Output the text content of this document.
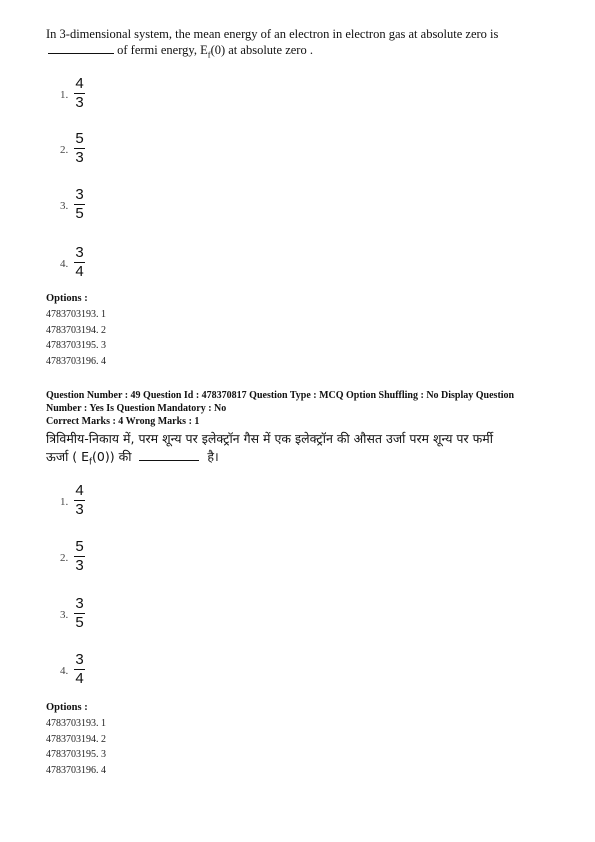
In 3-dimensional system, the mean energy of an electron in electron gas at absolute zero is
of fermi energy, $E_f(0)$ at absolute zero .
1. $\frac{4}{3}$
2. $\frac{5}{3}$
3. $\frac{3}{5}$
4. $\frac{3}{4}$
Options :
4783703193. 1
4783703194. 2
4783703195. 3
4783703196. 4
Question Number : 49 Question Id : 478370817 Question Type : MCQ Option Shuffling : No Display Question
Number : Yes Is Question Mandatory : No
Correct Marks : 4 Wrong Marks : 1
त्रिविमीय-निकाय में, परम शून्य पर इलेक्ट्रॉन गैस में एक इलेक्ट्रॉन की औसत उर्जा परम शून्य पर फर्मी
ऊर्जा ( $E_f(0)$) की	है।
1. $\frac{4}{3}$
2. $\frac{5}{3}$
3. $\frac{3}{5}$
4. $\frac{3}{4}$
Options :
4783703193. 1
4783703194. 2
4783703195. 3
4783703196. 4
